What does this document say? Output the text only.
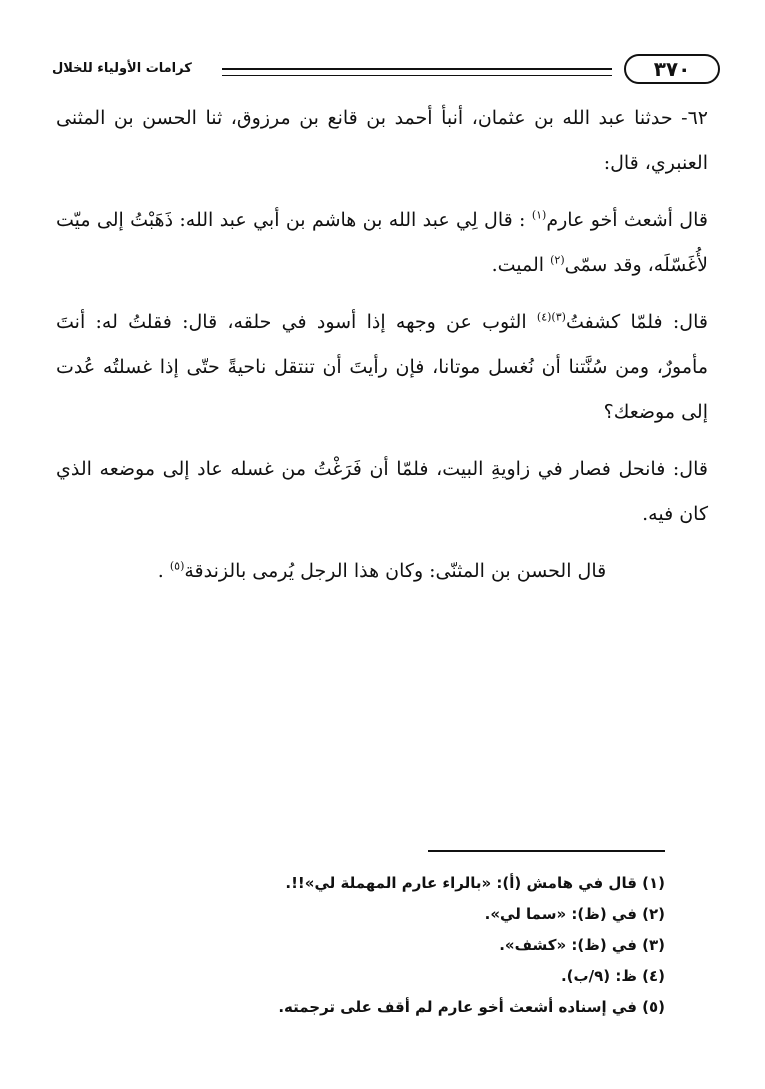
كرامات الأولياء للخلال	٣٧٠

٦٢- حدثنا عبد الله بن عثمان، أنبأ أحمد بن قانع بن مرزوق، ثنا الحسن بن المثنى العنبري، قال:

قال أشعث أخو عارم$^{(١)}$ : قال لِي عبد الله بن هاشم بن أبي عبد الله: ذَهَبْتُ إلى ميّت لأُغَسّلَه، وقد سمّى$^{(٢)}$ الميت.

قال: فلمّا كشفتُ$^{(٣)(٤)}$ الثوب عن وجهه إذا أسود في حلقه، قال: فقلتُ له: أنتَ مأمورٌ، ومن سُنَّتنا أن نُغسل موتانا، فإن رأيتَ أن تنتقل ناحيةً حتّى إذا غسلتُه عُدت إلى موضعك؟

قال: فانحل فصار في زاويةِ البيت، فلمّا أن فَرَغْتُ من غسله عاد إلى موضعه الذي كان فيه.

قال الحسن بن المثنّى: وكان هذا الرجل يُرمى بالزندقة$^{(٥)}$ .

(١) قال في هامش (أ): «بالراء عارم المهملة لي»!!.

(٢) في (ظ): «سما لي».

(٣) في (ظ): «كشف».

(٤) ظ: (٩/ب).

(٥) في إسناده أشعث أخو عارم لم أقف على ترجمته.
